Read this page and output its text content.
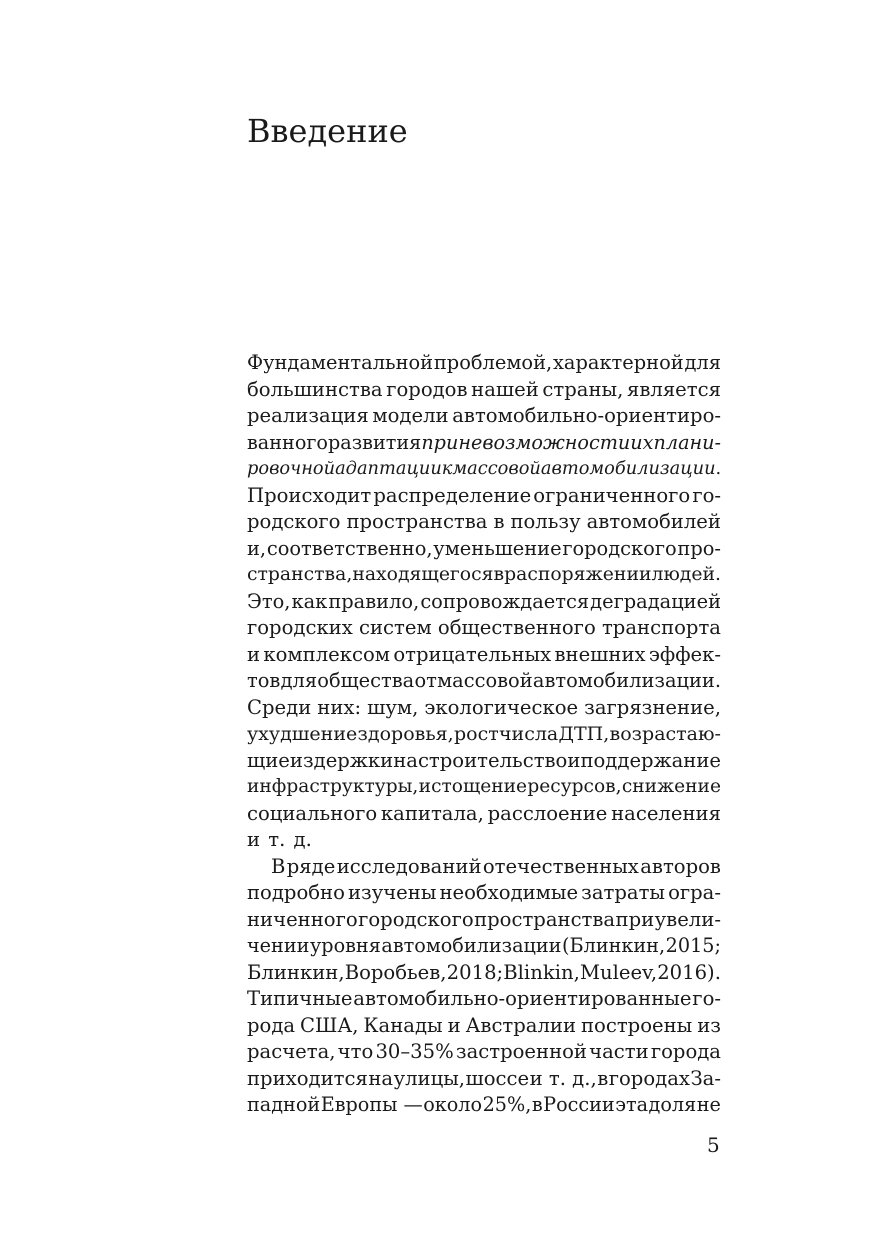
Введение
Фундаментальной проблемой, характерной для
большинства городов нашей страны, является
реализация модели автомобильно-ориентиро-
ванного развития при невозможности их плани-
ровочной адаптации к массовой автомобилизации .
Происходит распределение ограниченного го-
родского пространства в пользу автомобилей
и, соответственно, уменьшение городского про-
странства, находящегося в распоряжении людей.
Это, как правило, сопровождается деградацией
городских систем общественного транспорта
и комплексом отрицательных внешних эффек-
тов для общества от массовой автомобилизации.
Среди них: шум, экологическое загрязнение,
ухудшение здоровья, рост числа ДТП, возрастаю-
щие издержки на строительство и поддержание
инфраструктуры, истощение ресурсов, снижение
социального капитала, расслоение населения
и т. д.
В ряде исследований отечественных авторов
подробно изучены необходимые затраты огра-
ниченного городского пространства при увели-
чении уровня автомобилизации (Блинкин, 2015;
Блинкин, Воробьев, 2018; Blinkin, Muleev, 2016).
Типичные автомобильно-ориентированные го-
рода США, Канады и Австралии построены из
расчета, что 30–35% застроенной части города
приходится на улицы, шоссе и т. д., в городах За-
падной Европы — около 25%, в России эта доля не
5
